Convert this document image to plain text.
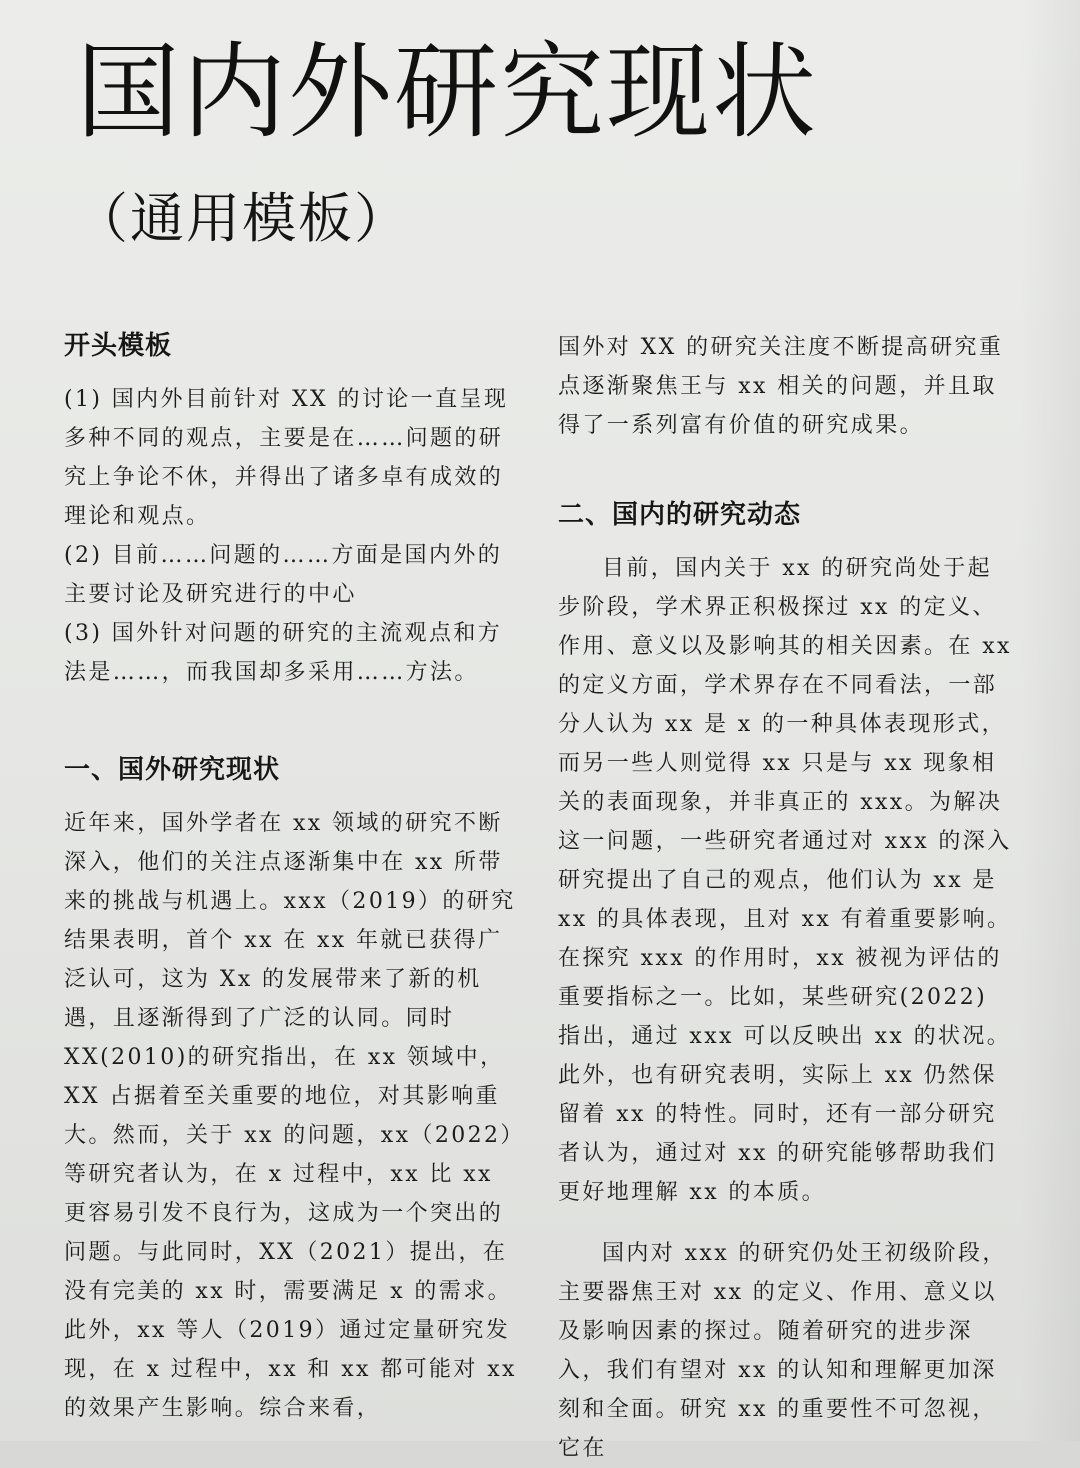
国内外研究现状
（通用模板）
开头模板

(1) 国内外目前针对 XX 的讨论一直呈现多种不同的观点，主要是在……问题的研究上争论不休，并得出了诸多卓有成效的理论和观点。

(2) 目前……问题的……方面是国内外的主要讨论及研究进行的中心

(3) 国外针对问题的研究的主流观点和方法是……，而我国却多采用……方法。

一、国外研究现状

近年来，国外学者在 xx 领域的研究不断深入，他们的关注点逐渐集中在 xx 所带来的挑战与机遇上。xxx（2019）的研究结果表明，首个 xx 在 xx 年就已获得广泛认可，这为 Xx 的发展带来了新的机遇，且逐渐得到了广泛的认同。同时 XX(2010)的研究指出，在 xx 领域中，XX 占据着至关重要的地位，对其影响重大。然而，关于 xx 的问题，xx（2022）等研究者认为，在 x 过程中，xx 比 xx 更容易引发不良行为，这成为一个突出的问题。与此同时，XX（2021）提出，在没有完美的 xx 时，需要满足 x 的需求。此外，xx 等人（2019）通过定量研究发现，在 x 过程中，xx 和 xx 都可能对 xx 的效果产生影响。综合来看，

国外对 XX 的研究关注度不断提高研究重点逐渐聚焦王与 xx 相关的问题，并且取得了一系列富有价值的研究成果。

二、国内的研究动态

目前，国内关于 xx 的研究尚处于起步阶段，学术界正积极探过 xx 的定义、作用、意义以及影响其的相关因素。在 xx 的定义方面，学术界存在不同看法，一部分人认为 xx 是 x 的一种具体表现形式，而另一些人则觉得 xx 只是与 xx 现象相关的表面现象，并非真正的 xxx。为解决这一问题，一些研究者通过对 xxx 的深入研究提出了自己的观点，他们认为 xx 是 xx 的具体表现，且对 xx 有着重要影响。在探究 xxx 的作用时，xx 被视为评估的重要指标之一。比如，某些研究(2022) 指出，通过 xxx 可以反映出 xx 的状况。此外，也有研究表明，实际上 xx 仍然保留着 xx 的特性。同时，还有一部分研究者认为，通过对 xx 的研究能够帮助我们更好地理解 xx 的本质。

国内对 xxx 的研究仍处王初级阶段，主要器焦王对 xx 的定义、作用、意义以及影响因素的探过。随着研究的进步深入，我们有望对 xx 的认知和理解更加深刻和全面。研究 xx 的重要性不可忽视，它在
